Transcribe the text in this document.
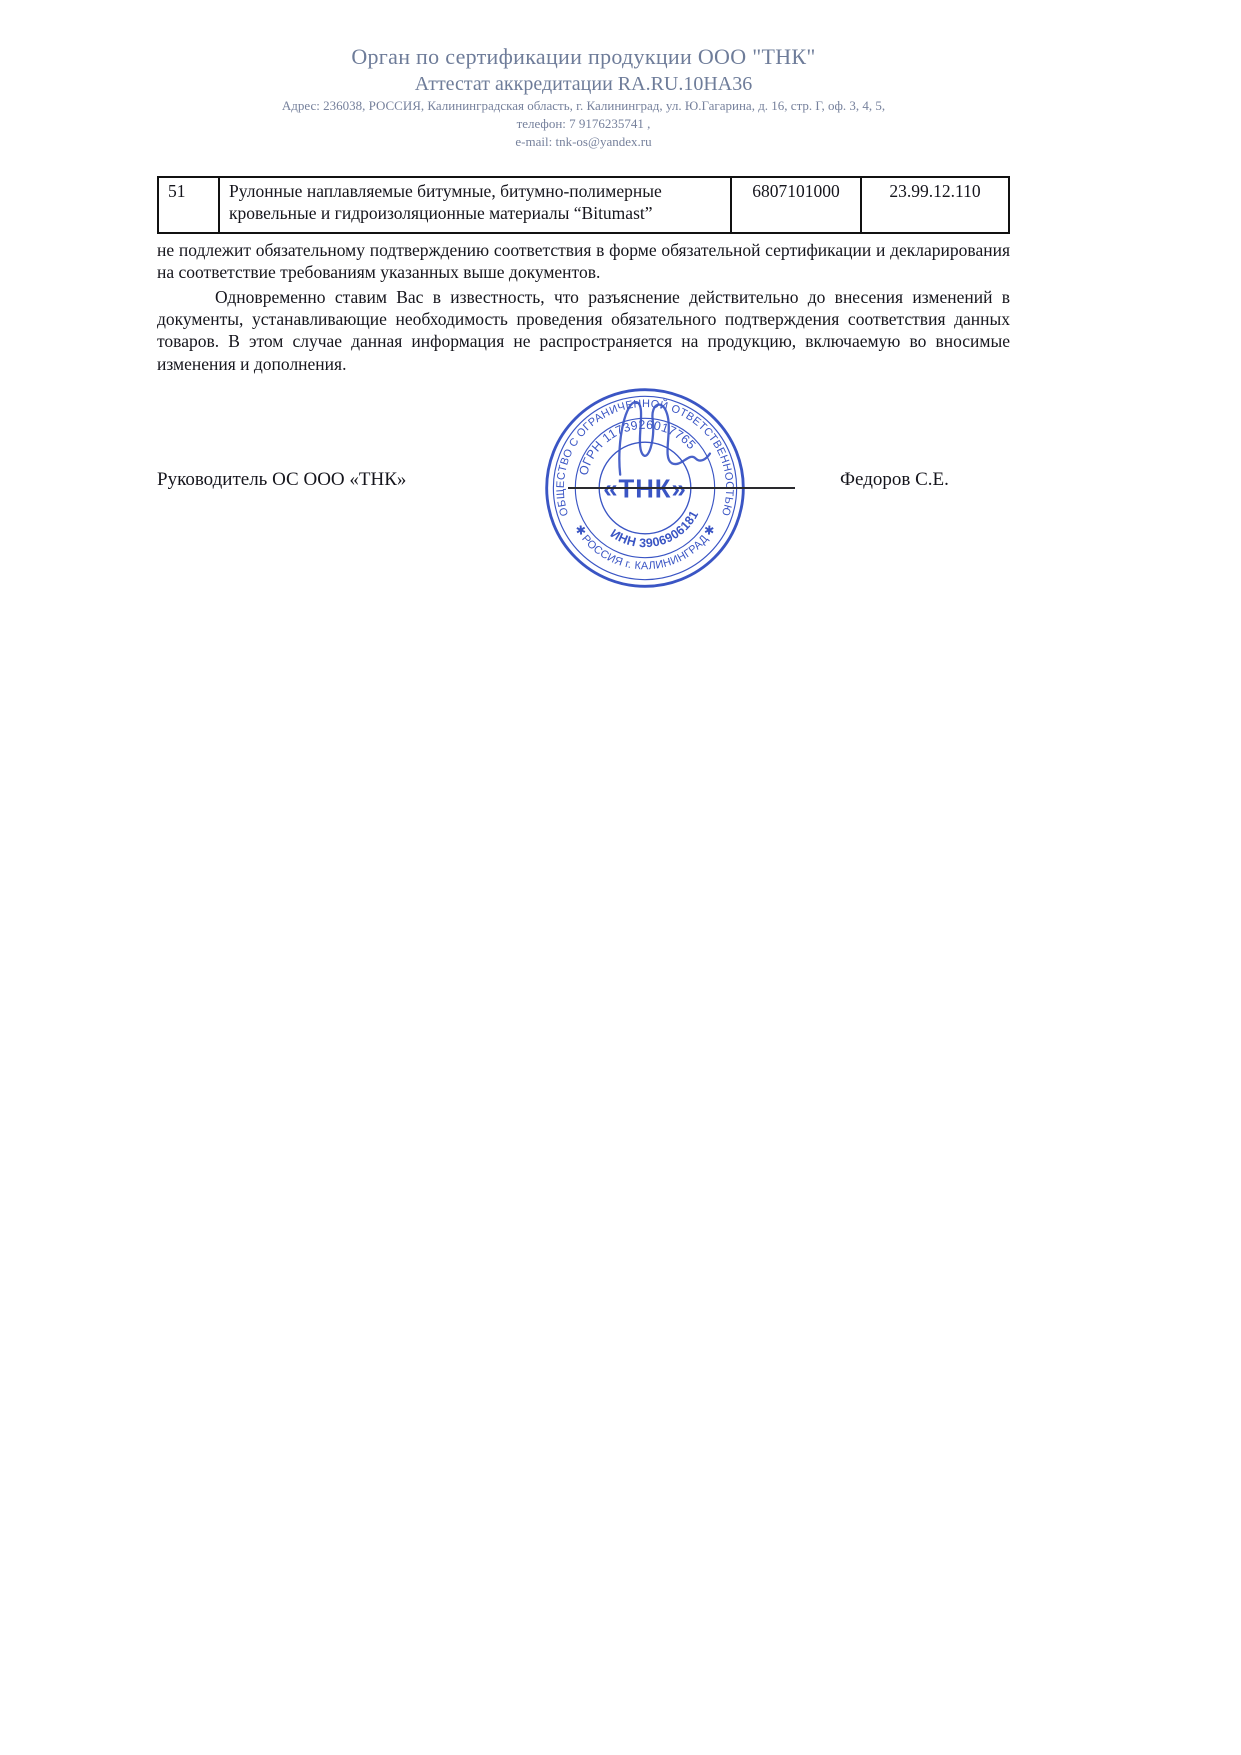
Орган по сертификации продукции ООО "ТНК"
Аттестат аккредитации RA.RU.10НА36
Адрес: 236038, РОССИЯ, Калининградская область, г. Калининград, ул. Ю.Гагарина, д. 16, стр. Г, оф. 3, 4, 5,
телефон: 7 9176235741 ,
e-mail: tnk-os@yandex.ru
51	Рулонные наплавляемые битумные, битумно-полимерные кровельные и гидроизоляционные материалы “Bitumast”	6807101000	23.99.12.110

не подлежит обязательному подтверждению соответствия в форме обязательной сертификации и декларирования на соответствие требованиям указанных выше документов.

Одновременно ставим Вас в известность, что разъяснение действительно до внесения изменений в документы, устанавливающие необходимость проведения обязательного подтверждения соответствия данных товаров. В этом случае данная информация не распространяется на продукцию, включаемую во вносимые изменения и дополнения.

ОБЩЕСТВО С ОГРАНИЧЕННОЙ ОТВЕТСТВЕННОСТЬЮ
РОССИЯ г. КАЛИНИНГРАД
✱	✱
ОГРН 1173926017765
ИНН 3906906181
«ТНК»
Руководитель ОС ООО «ТНК»	Федоров С.Е.
